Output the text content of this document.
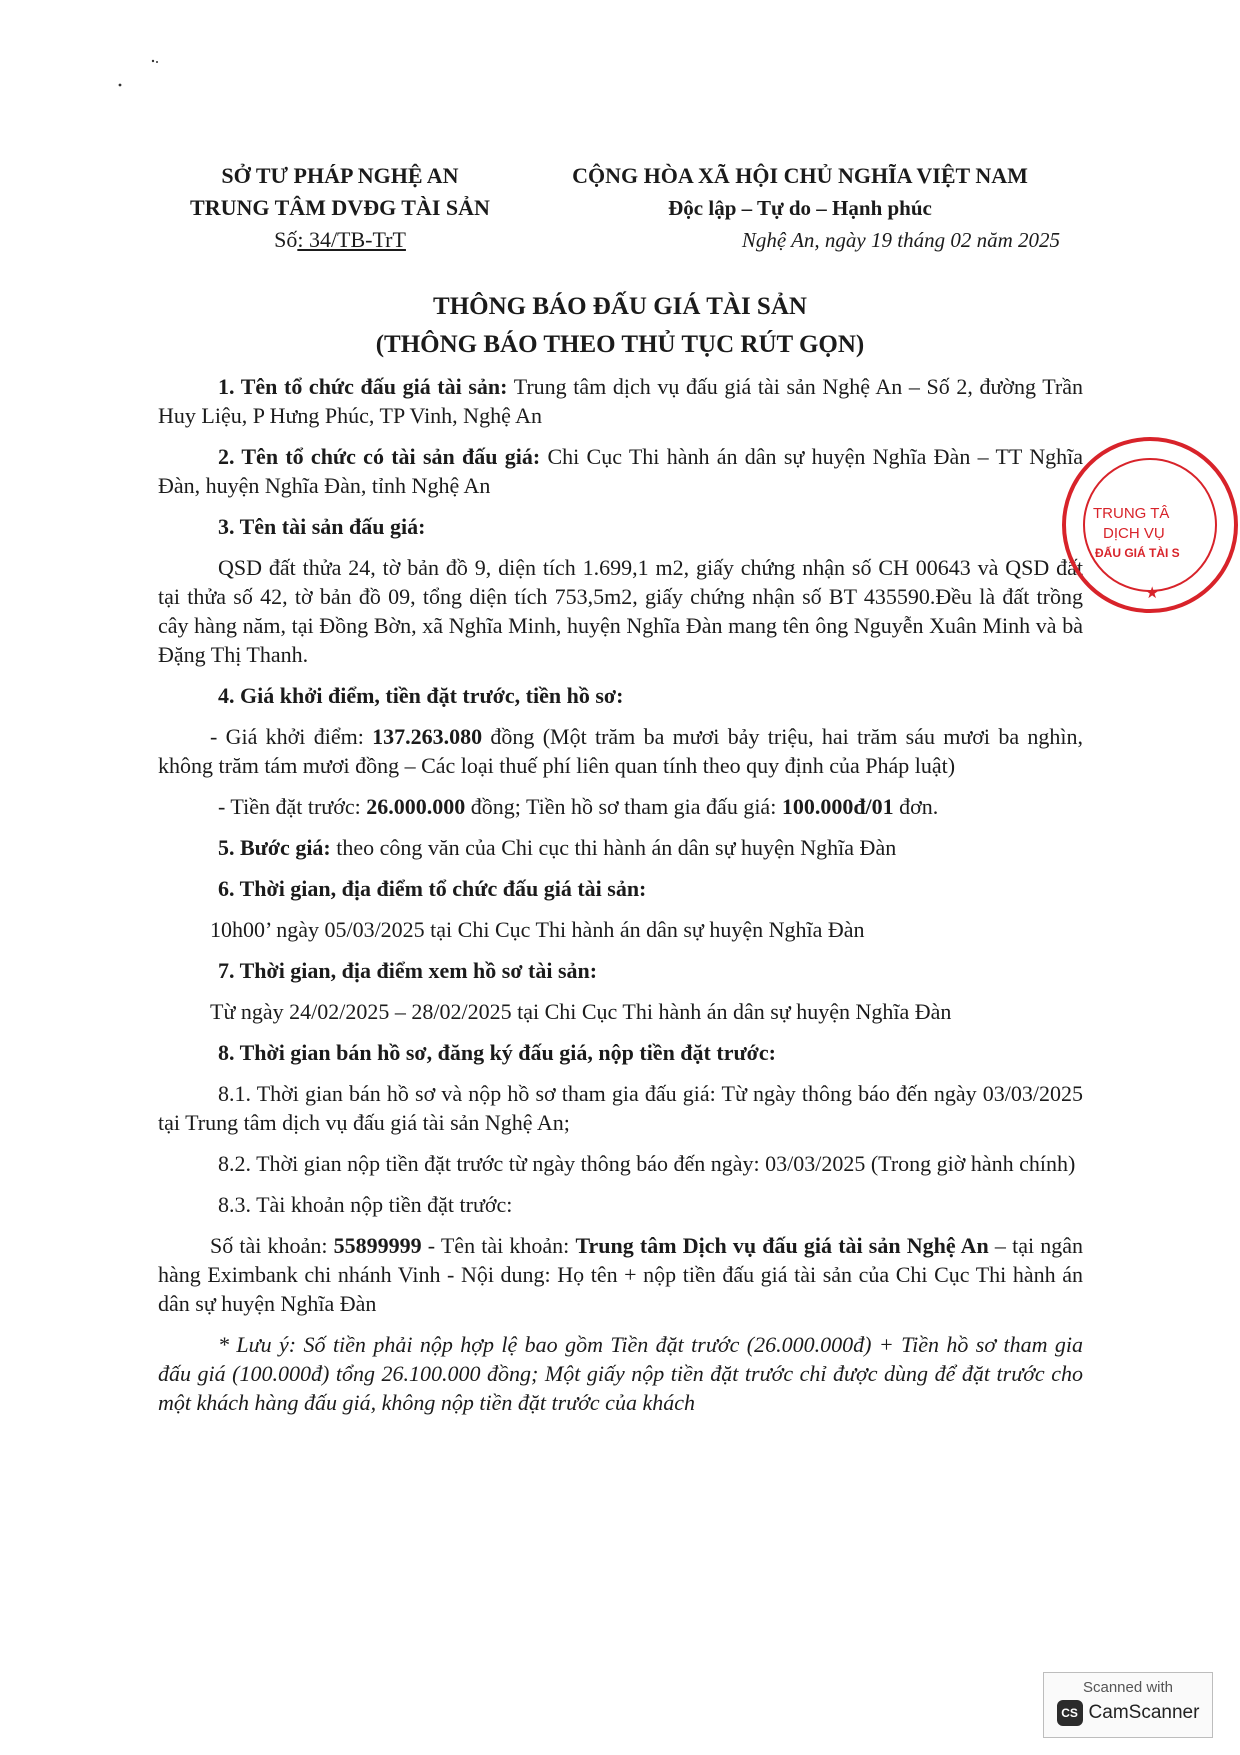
SỞ TƯ PHÁP NGHỆ AN
TRUNG TÂM DVĐG TÀI SẢN
Số: 34/TB-TrT
CỘNG HÒA XÃ HỘI CHỦ NGHĨA VIỆT NAM
Độc lập – Tự do – Hạnh phúc
Nghệ An, ngày 19 tháng 02 năm 2025
THÔNG BÁO ĐẤU GIÁ TÀI SẢN
(THÔNG BÁO THEO THỦ TỤC RÚT GỌN)

1. Tên tổ chức đấu giá tài sản: Trung tâm dịch vụ đấu giá tài sản Nghệ An – Số 2, đường Trần Huy Liệu, P Hưng Phúc, TP Vinh, Nghệ An

2. Tên tổ chức có tài sản đấu giá: Chi Cục Thi hành án dân sự huyện Nghĩa Đàn – TT Nghĩa Đàn, huyện Nghĩa Đàn, tỉnh Nghệ An

3. Tên tài sản đấu giá:

QSD đất thửa 24, tờ bản đồ 9, diện tích 1.699,1 m2, giấy chứng nhận số CH 00643 và QSD đất tại thửa số 42, tờ bản đồ 09, tổng diện tích 753,5m2, giấy chứng nhận số BT 435590.Đều là đất trồng cây hàng năm, tại Đồng Bờn, xã Nghĩa Minh, huyện Nghĩa Đàn mang tên ông Nguyễn Xuân Minh và bà Đặng Thị Thanh.

4. Giá khởi điểm, tiền đặt trước, tiền hồ sơ:

- Giá khởi điểm: 137.263.080 đồng (Một trăm ba mươi bảy triệu, hai trăm sáu mươi ba nghìn, không trăm tám mươi đồng – Các loại thuế phí liên quan tính theo quy định của Pháp luật)

- Tiền đặt trước: 26.000.000 đồng; Tiền hồ sơ tham gia đấu giá: 100.000đ/01 đơn.

5. Bước giá: theo công văn của Chi cục thi hành án dân sự huyện Nghĩa Đàn

6. Thời gian, địa điểm tổ chức đấu giá tài sản:

10h00’ ngày 05/03/2025 tại Chi Cục Thi hành án dân sự huyện Nghĩa Đàn

7. Thời gian, địa điểm xem hồ sơ tài sản:

Từ ngày 24/02/2025 – 28/02/2025 tại Chi Cục Thi hành án dân sự huyện Nghĩa Đàn

8. Thời gian bán hồ sơ, đăng ký đấu giá, nộp tiền đặt trước:

8.1. Thời gian bán hồ sơ và nộp hồ sơ tham gia đấu giá: Từ ngày thông báo đến ngày 03/03/2025 tại Trung tâm dịch vụ đấu giá tài sản Nghệ An;

8.2. Thời gian nộp tiền đặt trước từ ngày thông báo đến ngày: 03/03/2025 (Trong giờ hành chính)

8.3. Tài khoản nộp tiền đặt trước:

Số tài khoản: 55899999 - Tên tài khoản: Trung tâm Dịch vụ đấu giá tài sản Nghệ An – tại ngân hàng Eximbank chi nhánh Vinh - Nội dung: Họ tên + nộp tiền đấu giá tài sản của Chi Cục Thi hành án dân sự huyện Nghĩa Đàn

* Lưu ý: Số tiền phải nộp hợp lệ bao gồm Tiền đặt trước (26.000.000đ) + Tiền hồ sơ tham gia đấu giá (100.000đ) tổng 26.100.000 đồng; Một giấy nộp tiền đặt trước chỉ được dùng để đặt trước cho một khách hàng đấu giá, không nộp tiền đặt trước của khách

TRUNG TÂ
DỊCH VỤ
ĐẤU GIÁ TÀI S
★
Scanned with
CS CamScanner
